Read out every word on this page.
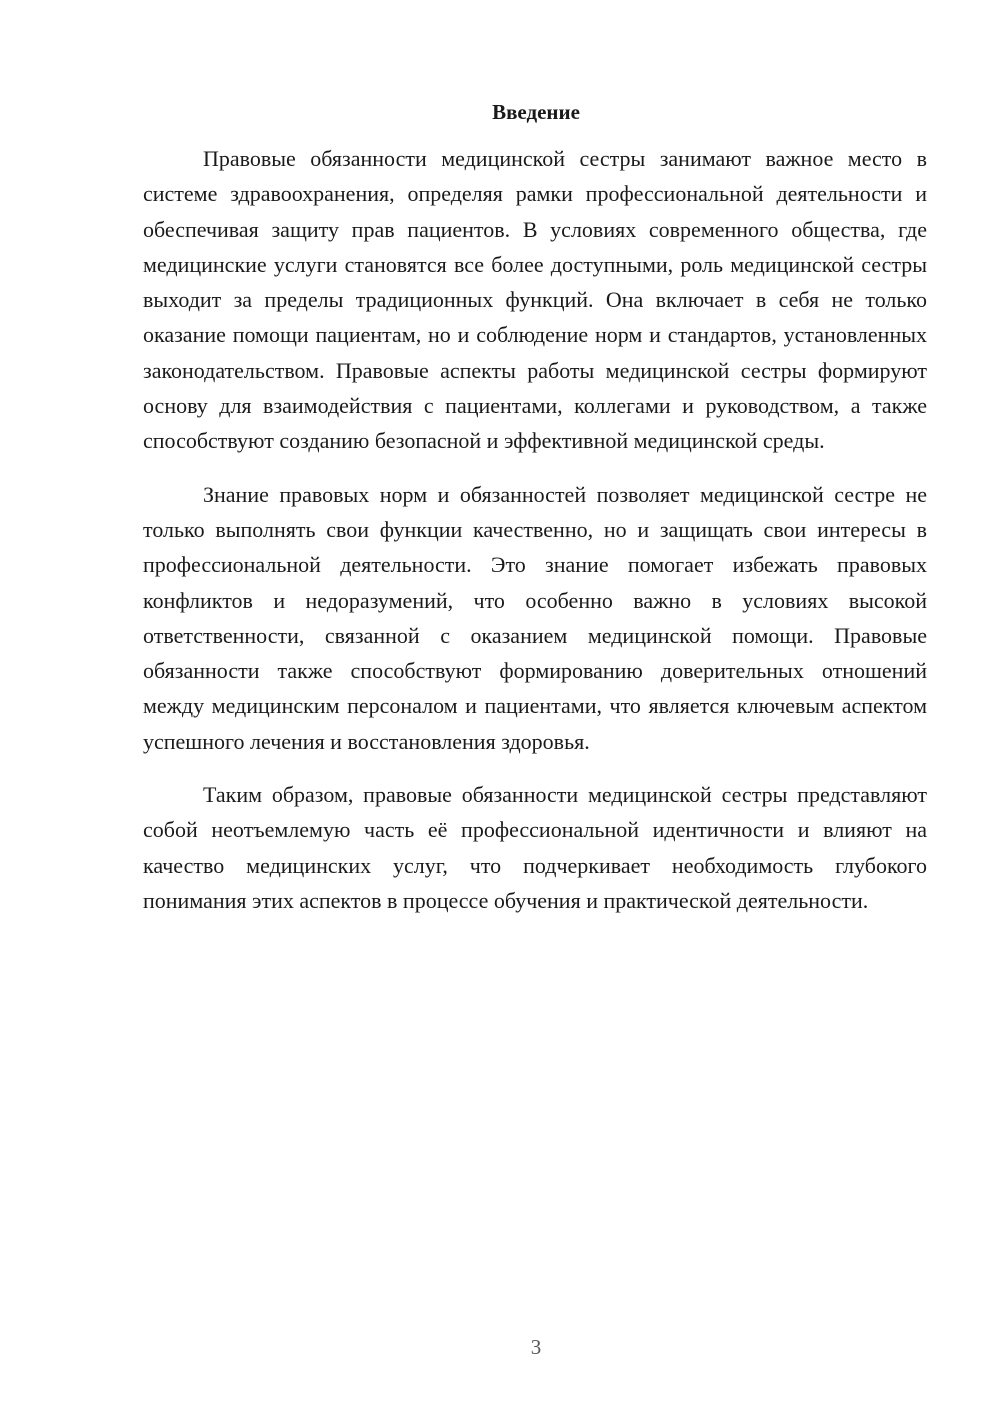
Введение

Правовые обязанности медицинской сестры занимают важное место в системе здравоохранения, определяя рамки профессиональной деятельности и обеспечивая защиту прав пациентов. В условиях современного общества, где медицинские услуги становятся все более доступными, роль медицинской сестры выходит за пределы традиционных функций. Она включает в себя не только оказание помощи пациентам, но и соблюдение норм и стандартов, установленных законодательством. Правовые аспекты работы медицинской сестры формируют основу для взаимодействия с пациентами, коллегами и руководством, а также способствуют созданию безопасной и эффективной медицинской среды.

Знание правовых норм и обязанностей позволяет медицинской сестре не только выполнять свои функции качественно, но и защищать свои интересы в профессиональной деятельности. Это знание помогает избежать правовых конфликтов и недоразумений, что особенно важно в условиях высокой ответственности, связанной с оказанием медицинской помощи. Правовые обязанности также способствуют формированию доверительных отношений между медицинским персоналом и пациентами, что является ключевым аспектом успешного лечения и восстановления здоровья.

Таким образом, правовые обязанности медицинской сестры представляют собой неотъемлемую часть её профессиональной идентичности и влияют на качество медицинских услуг, что подчеркивает необходимость глубокого понимания этих аспектов в процессе обучения и практической деятельности.

3
